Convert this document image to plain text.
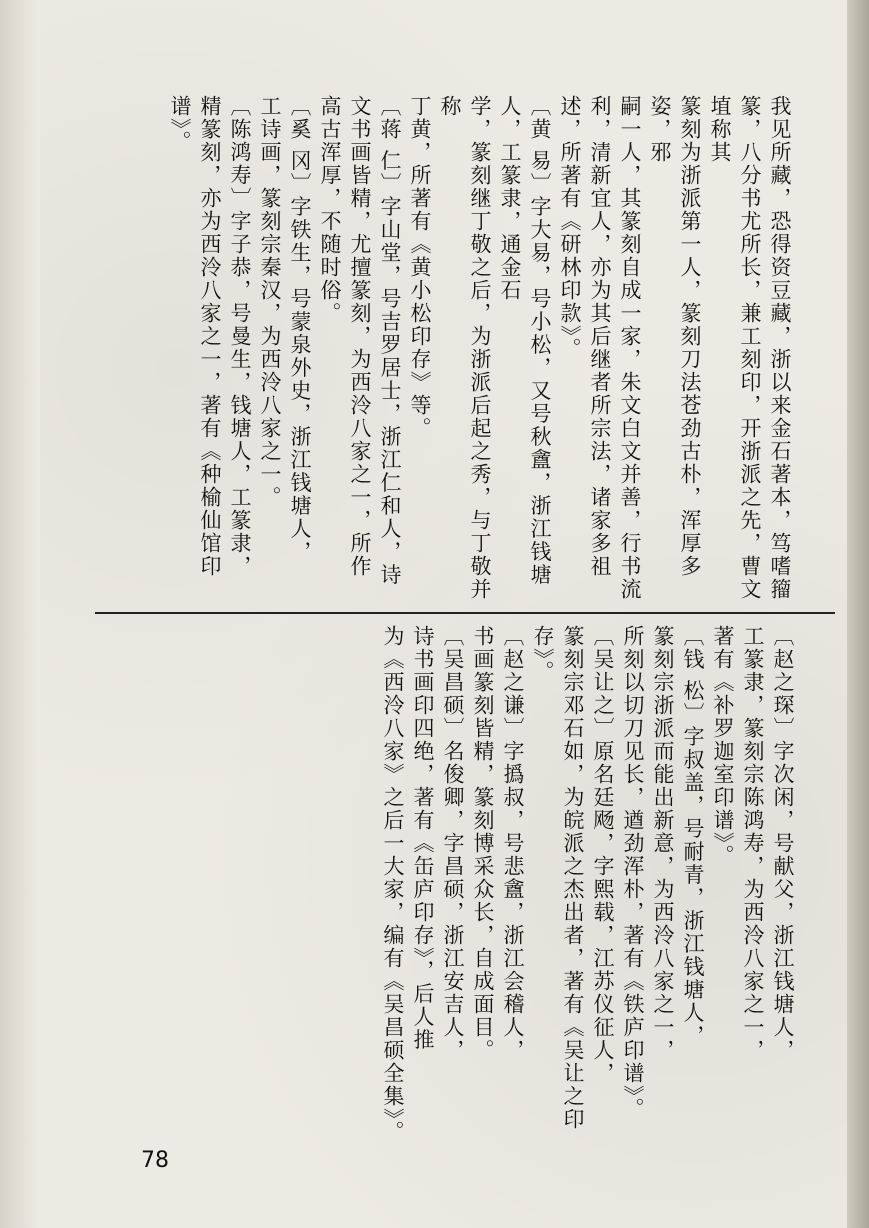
我见所藏，恐得资豆藏，浙以来金石著本，笃嗜籀

篆，八分书尤所长，兼工刻印，开浙派之先，曹文埴称其

篆刻为浙派第一人，篆刻刀法苍劲古朴，浑厚多姿，邪

嗣一人，其篆刻自成一家，朱文白文并善，行书流

利，清新宜人，亦为其后继者所宗法，诸家多祖

述，所著有《研林印款》。

〔黄 易〕字大易，号小松，又号秋盦，浙江钱塘人，工篆隶，通金石

学，篆刻继丁敬之后，为浙派后起之秀，与丁敬并称

丁黄，所著有《黄小松印存》等。

〔蒋 仁〕字山堂，号吉罗居士，浙江仁和人，诗

文书画皆精，尤擅篆刻，为西泠八家之一，所作

高古浑厚，不随时俗。

〔奚 冈〕字铁生，号蒙泉外史，浙江钱塘人，

工诗画，篆刻宗秦汉，为西泠八家之一。

〔陈鸿寿〕字子恭，号曼生，钱塘人，工篆隶，

精篆刻，亦为西泠八家之一，著有《种榆仙馆印谱》。

〔赵之琛〕字次闲，号献父，浙江钱塘人，

工篆隶，篆刻宗陈鸿寿，为西泠八家之一，

著有《补罗迦室印谱》。

〔钱 松〕字叔盖，号耐青，浙江钱塘人，

篆刻宗浙派而能出新意，为西泠八家之一，

所刻以切刀见长，遒劲浑朴，著有《铁庐印谱》。

〔吴让之〕原名廷飏，字熙载，江苏仪征人，

篆刻宗邓石如，为皖派之杰出者，著有《吴让之印存》。

〔赵之谦〕字撝叔，号悲盦，浙江会稽人，

书画篆刻皆精，篆刻博采众长，自成面目。

〔吴昌硕〕名俊卿，字昌硕，浙江安吉人，

诗书画印四绝，著有《缶庐印存》，后人推

为《西泠八家》之后一大家，编有《吴昌硕全集》。

78
